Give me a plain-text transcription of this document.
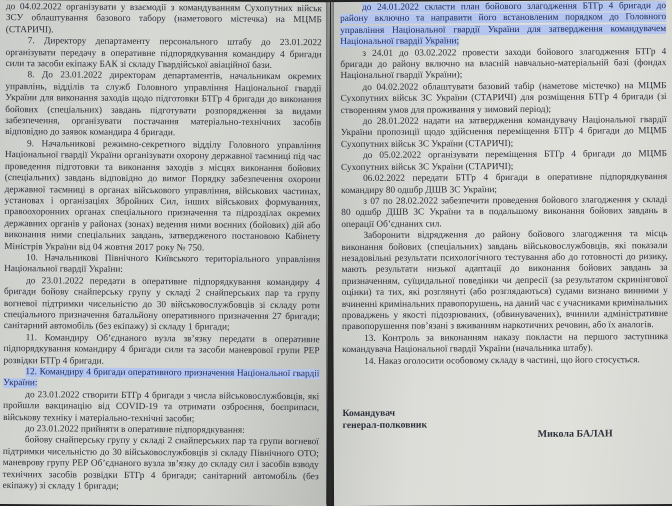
до 04.02.2022 організувати у взаємодії з командуванням Сухопутних військ ЗСУ облаштування базового табору (наметового містечка) на МЦМБ (СТАРИЧІ).

7. Директору департаменту персонального штабу до 23.01.2022 організувати передачу в оперативне підпорядкування командиру 4 бригади сили та засоби екіпажу БАК зі складу Гвардійської авіаційної бази.

8. До 23.01.2022 директорам департаментів, начальникам окремих управлінь, відділів та служб Головного управління Національної гвардії України для виконання заходів щодо підготовки БТГр 4 бригади до виконання бойових (спеціальних) завдань підготувати розпорядження за видами забезпечення, організувати постачання матеріально-технічних засобів відповідно до заявок командира 4 бригади.

9. Начальникові режимно-секретного відділу Головного управління Національної гвардії України організувати охорону державної таємниці під час проведення підготовки та виконання заходів з місцях виконання бойових (спеціальних) завдань відповідно до вимог Порядку забезпечення охорони державної таємниці в органах військового управління, військових частинах, установах і організаціях Збройних Сил, інших військових формуваннях, правоохоронних органах спеціального призначення та підрозділах окремих державних органів у районах (зонах) ведення ними воєнних (бойових) дій або виконання ними спеціальних завдань, затвердженого постановою Кабінету Міністрів України від 04 жовтня 2017 року № 750.

10. Начальникові Північного Київського територіального управління Національної гвардії України:

до 23.01.2022 передати в оперативне підпорядкування командиру 4 бригади бойову снайперську групу у складі 2 снайперських пар та групу вогневої підтримки чисельністю до 30 військовослужбовців зі складу роти спеціального призначення батальйону оперативного призначення 27 бригади; санітарний автомобіль (без екіпажу) зі складу 1 бригади;

11. Командиру Об’єднаного вузла зв’язку передати в оперативне підпорядкування командиру 4 бригади сили та засоби маневрової групи РЕР розвідки БТГр 4 бригади.

12. Командиру 4 бригади оперативного призначення Національної гвардії України:

до 23.01.2022 створити БТГр 4 бригади з числа військовослужбовців, які пройшли вакцинацію від COVID-19 та отримати озброєння, боєприпаси, військову техніку і матеріально-технічні засоби;

до 23.01.2022 прийняти в оперативне підпорядкування:

бойову снайперську групу у складі 2 снайперських пар та групи вогневої підтримки чисельністю до 30 військовослужбовців зі складу Північного ОТО; маневрову групу РЕР Об’єднаного вузла зв’язку до складу сил і засобів взводу технічних засобів розвідки БТГр 4 бригади; санітарний автомобіль (без екіпажу) зі складу 1 бригади;

до 24.01.2022 скласти план бойового злагодження БТГр 4 бригади до району включно та направити його встановленим порядком до Головного управління Національної гвардії України для затвердження командувачем Національної гвардії України;

з 24.01 до 03.02.2022 провести заходи бойового злагодження БТГр 4 бригади до району включно на власній навчально-матеріальній базі (фондах Національної гвардії України);

до 04.02.2022 облаштувати базовий табір (наметове містечко) на МЦМБ Сухопутних військ ЗС України (СТАРИЧІ) для розміщення БТГр 4 бригади (зі створенням умов для проживання у зимовий період);

до 28.01.2022 надати на затвердження командувачу Національної гвардії України пропозиції щодо здійснення переміщення БТГр 4 бригади до МЦМБ Сухопутних військ ЗС України (СТАРИЧІ);

до 05.02.2022 організувати переміщення БТГр 4 бригади до МЦМБ Сухопутних військ ЗС України (СТАРИЧІ);

06.02.2022 передати БТГр 4 бригади в оперативне підпорядкування командиру 80 одшбр ДШВ ЗС України;

з 07 по 28.02.2022 забезпечити проведення бойового злагодження у складі 80 одшбр ДШВ ЗС України та в подальшому виконання бойових завдань в операції Об’єднаних сил.

Заборонити відрядження до району бойового злагодження та місць виконання бойових (спеціальних) завдань військовослужбовців, які показали незадовільні результати психологічного тестування або до готовності до ризику, мають результати низької адаптації до виконання бойових завдань за призначенням, суїцидальної поведінки чи депресії (за результатом скринінгової оцінки) та тих, які розглянуті (або розглядаються) судами визнано винними у вчиненні кримінальних правопорушень, на даний час є учасниками кримінальних проваджень у якості підозрюваних, (обвинувачених), вчинили адміністративне правопорушення пов’язані з вживанням наркотичних речовин, або їх аналогів.

13. Контроль за виконанням наказу покласти на першого заступника командувача Національної гвардії України (начальника штабу).

14. Наказ оголосити особовому складу в частині, що його стосується.

Командувач
генерал-полковник
Микола БАЛАН
